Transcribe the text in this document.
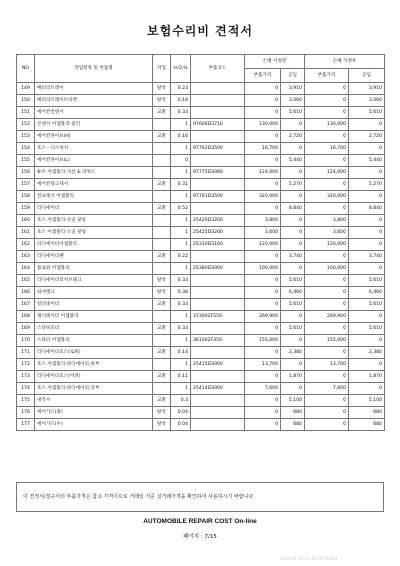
보험수리비 견적서
NO	작업항목 및 부품명	작업	H.Q.%	부품코드	손해 사정전		손해 사정후	
					부품가격	공임	부품가격	공임
149	배터리트레이	탈착	0.23		0	3,910	0	3,910
150	배터리트레이브라켓	탈착	0.18		0	3,060	0	3,060
151	에어컨컨덴서	교환	0.33		0	5,610	0	5,610
152	콘덴서 어셈블리-쿨러		1	97606D3710	130,000	0	130,000	0
153	에어컨파이프(H)	교환	0.16		0	2,720	0	2,720
154	호스 - 디스차지		1	97762D3500	16,700	0	16,700	0
155	에어컨파이프(L)		0		0	5,440	0	5,440
156	튜브 어셈블리-석션 & 리퀴드		1	97775D3080	124,000	0	124,000	0
157	에어컨링크세서	교환	0.31		0	5,270	0	5,270
158	컴프레서 어셈블리		1	97701D3500	320,000	0	320,000	0
159	라디에이터	교환	0.52		0	8,840	0	8,840
160	호스 어셈블리-오일 쿨링		1	25420D3200	3,800	0	3,800	0
161	호스 어셈블리-오일 쿨링		1	25425D3200	3,600	0	3,600	0
162	라디에이터어셈블리		1	25310D3160	120,000	0	120,000	0
163	라디에이터팬	교환	0.22		0	3,740	0	3,740
164	블로워 어셈블리		1	25380D3000	100,000	0	100,000	0
165	라디에이터리저브탱크	탈착	0.33		0	5,610	0	5,610
166	와셔탱크	탈착	0.38		0	6,460	0	6,460
167	알터네이터	교환	0.33		0	5,610	0	5,610
168	제너레이터 어셈블리		1	373002F550	269,900	0	269,900	0
169	스타팅모터	교환	0.33		0	5,610	0	5,610
170	스타터 어셈블리		1	361002F350	155,000	0	155,000	0
171	라디에이터호스(로워)	교환	0.14		0	2,380	0	2,380
172	호스 어셈블리-라디에이터,하부		1	25415D3000	13,700	0	13,700	0
173	라디에이터호스(어퍼)	교환	0.11		0	1,870	0	1,870
174	호스 어셈블리-라디에이터,상부		1	25414D3000	7,600	0	7,600	0
175	냉각수	교환	0.3		0	5,100	0	5,100
176	에어가드(좌)	탈착	0.04		0	680	0	680
177	에어가드(우)	탈착	0.04		0	680	0	680
이 견적서/청구서의 부품가격은 참고 가격이므로 거래일 기준 실거래가격을 확인하여 사용하시기 바랍니다.
AUTOMOBILE REPAIR COST On-line
페이지 : 7/15
2024-01-05 11:16:19 #0264
